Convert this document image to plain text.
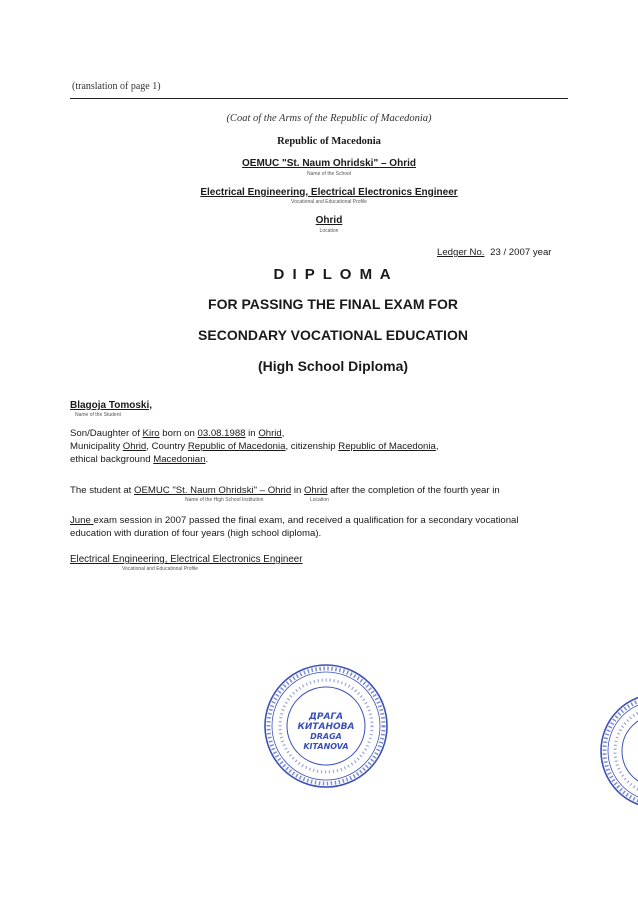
(translation of page 1)
(Coat of the Arms of the Republic of Macedonia)
Republic of Macedonia
OEMUC "St. Naum Ohridski" – Ohrid
Name of the School
Electrical Engineering, Electrical Electronics Engineer
Vocational and Educational Profile
Ohrid
Location
Ledger No. 23 / 2007 year
D I P L O M A
FOR PASSING THE FINAL EXAM FOR
SECONDARY VOCATIONAL EDUCATION
(High School Diploma)
Blagoja Tomoski,
Name of the Student
Son/Daughter of Kiro born on 03.08.1988 in Ohrid,
Municipality Ohrid, Country Republic of Macedonia, citizenship Republic of Macedonia,
ethical background Macedonian.
The student at OEMUC "St. Naum Ohridski" – Ohrid in Ohrid after the completion of the fourth year in
Name of the High School Institution	Location
June exam session in 2007 passed the final exam, and received a qualification for a secondary vocational
education with duration of four years (high school diploma).
Electrical Engineering, Electrical Electronics Engineer
Vocational and Educational Profile
ДРАГА
КИТАНОВА
DRAGA
KITANOVA
